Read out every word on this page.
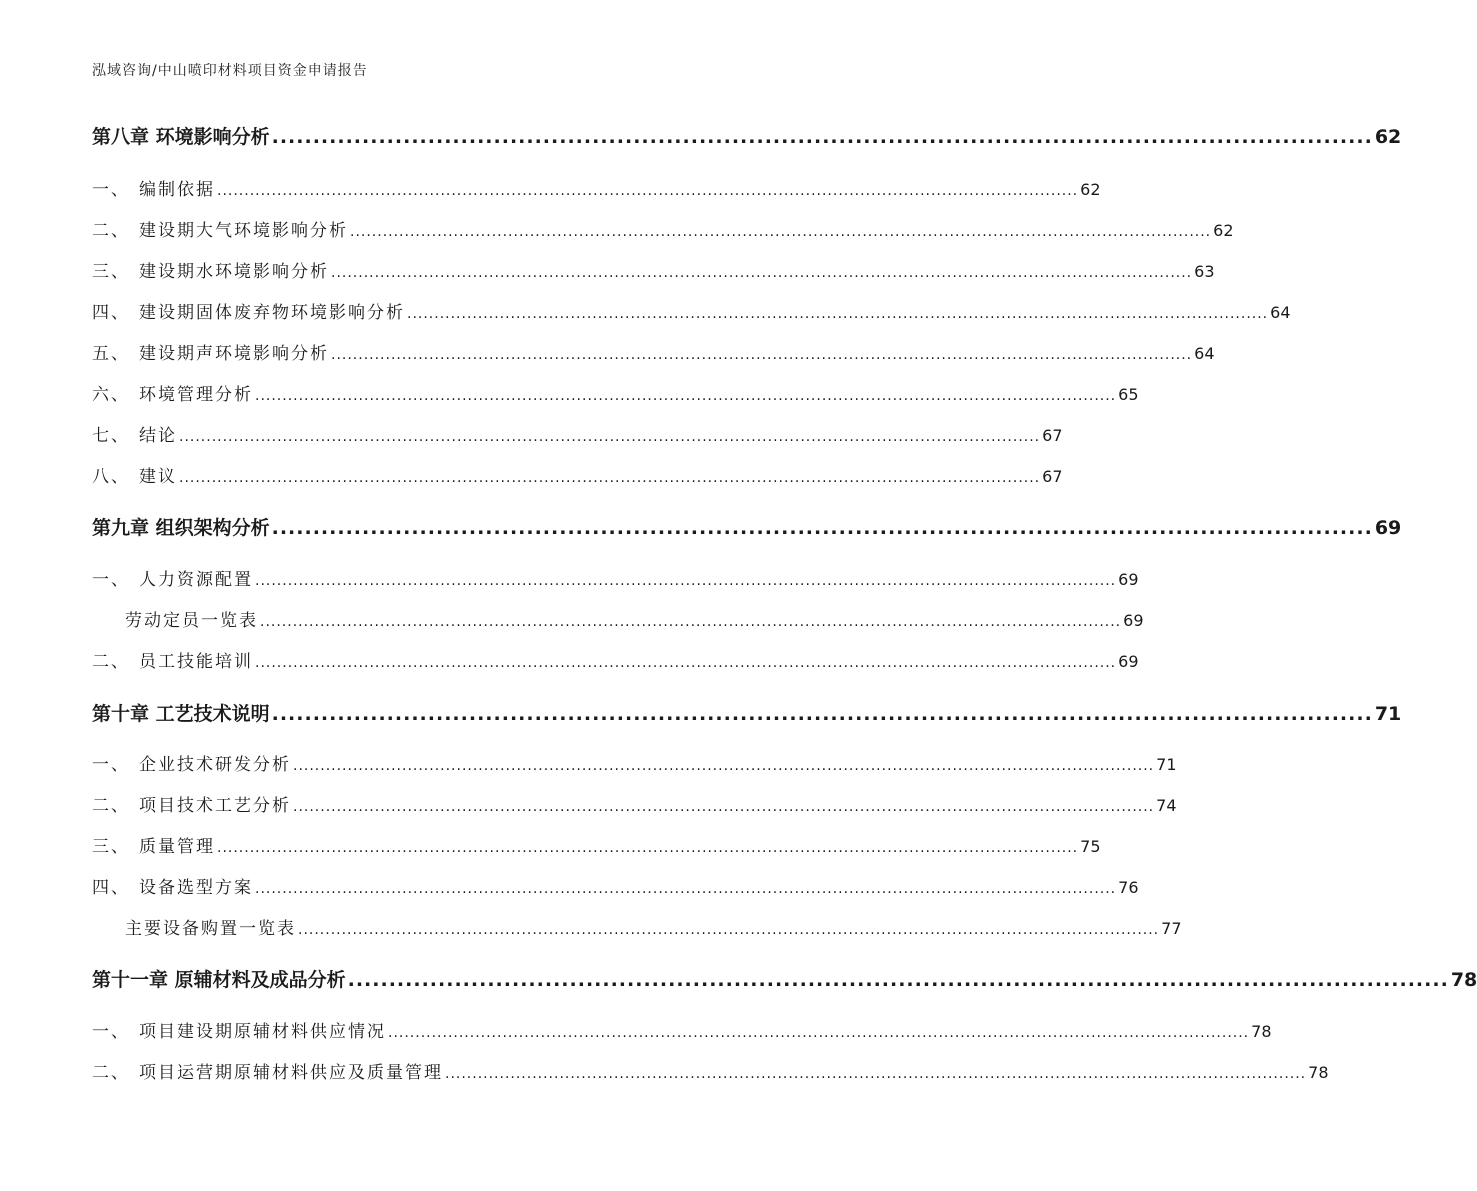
泓域咨询/中山喷印材料项目资金申请报告
第八章 环境影响分析 ...................................................................................................................................... 62
一、 编制依据 .............................................................................................................................................................. 62
二、 建设期大气环境影响分析 .............................................................................................................................................................. 62
三、 建设期水环境影响分析 .............................................................................................................................................................. 63
四、 建设期固体废弃物环境影响分析 .............................................................................................................................................................. 64
五、 建设期声环境影响分析 .............................................................................................................................................................. 64
六、 环境管理分析 .............................................................................................................................................................. 65
七、 结论 .............................................................................................................................................................. 67
八、 建议 .............................................................................................................................................................. 67
第九章 组织架构分析 ...................................................................................................................................... 69
一、 人力资源配置 .............................................................................................................................................................. 69
劳动定员一览表 .............................................................................................................................................................. 69
二、 员工技能培训 .............................................................................................................................................................. 69
第十章 工艺技术说明 ...................................................................................................................................... 71
一、 企业技术研发分析 .............................................................................................................................................................. 71
二、 项目技术工艺分析 .............................................................................................................................................................. 74
三、 质量管理 .............................................................................................................................................................. 75
四、 设备选型方案 .............................................................................................................................................................. 76
主要设备购置一览表 .............................................................................................................................................................. 77
第十一章 原辅材料及成品分析 ...................................................................................................................................... 78
一、 项目建设期原辅材料供应情况 .............................................................................................................................................................. 78
二、 项目运营期原辅材料供应及质量管理 .............................................................................................................................................................. 78
